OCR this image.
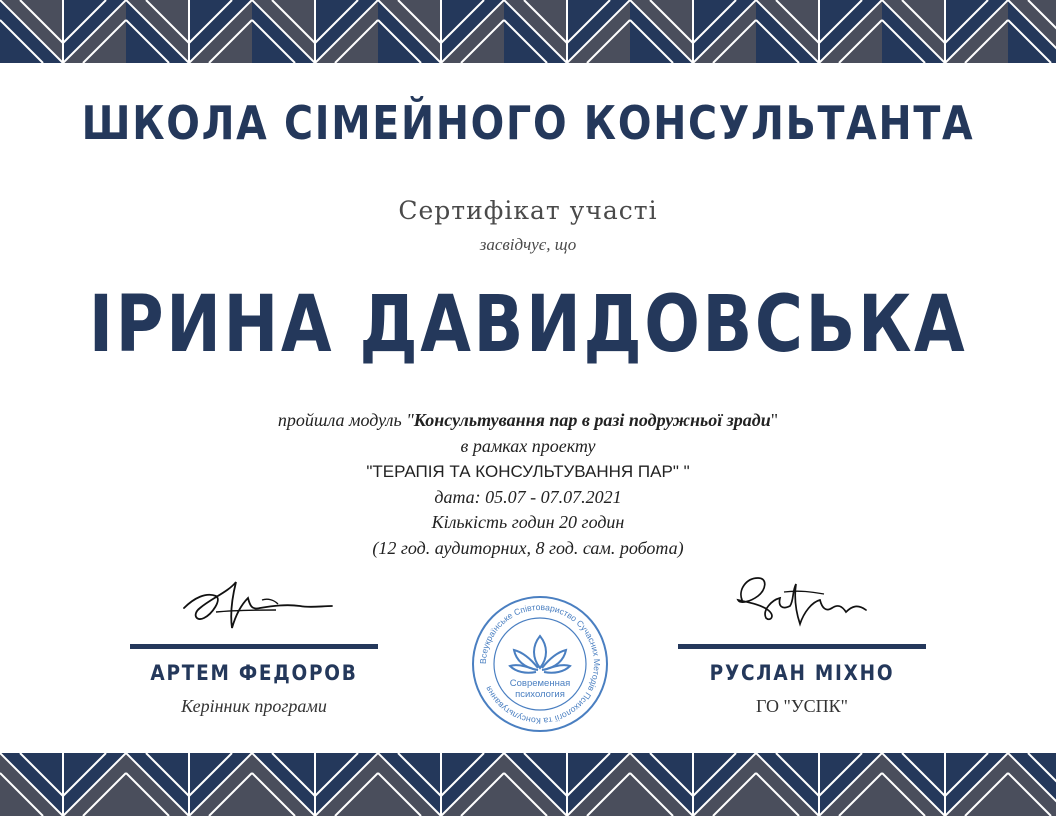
ШКОЛА СІМЕЙНОГО КОНСУЛЬТАНТА
Сертифікат участі
засвідчує, що
ІРИНА ДАВИДОВСЬКА
пройшла модуль "Консультування пар в разі подружньої зради"
в рамках проекту
"ТЕРАПІЯ ТА КОНСУЛЬТУВАННЯ ПАР" "
дата: 05.07 - 07.07.2021
Кількість годин 20 годин
(12 год. аудиторних, 8 год. сам. робота)
АРТЕМ ФЕДОРОВ	РУСЛАН МІХНО
Керінник програми	ГО "УСПК"
Всеукраїнське Співтовариство Сучасних Методів Психології та Консультування	Современная
психология
